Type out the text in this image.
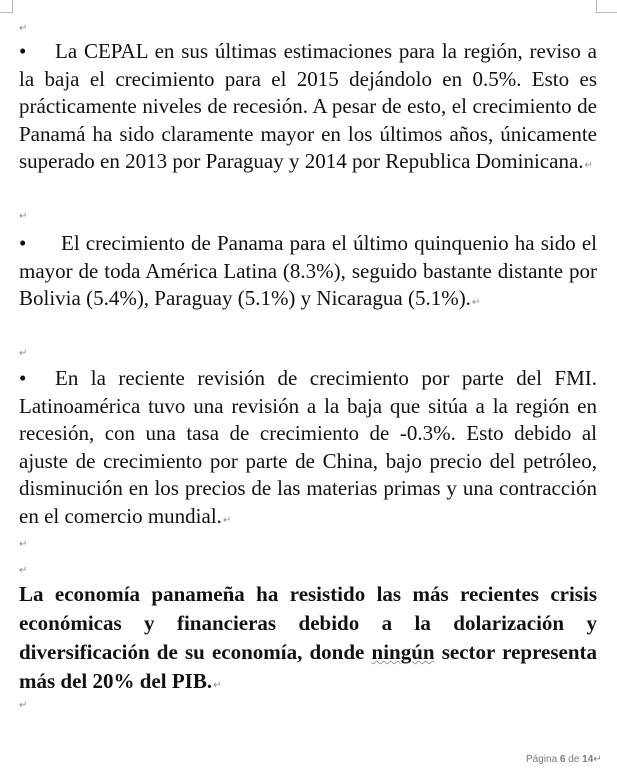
↵
• La CEPAL en sus últimas estimaciones para la región, reviso a la baja el crecimiento para el 2015 dejándolo en 0.5%. Esto es prácticamente niveles de recesión. A pesar de esto, el crecimiento de Panamá ha sido claramente mayor en los últimos años, únicamente superado en 2013 por Paraguay y 2014 por Republica Dominicana.↵
↵
• El crecimiento de Panama para el último quinquenio ha sido el mayor de toda América Latina (8.3%), seguido bastante distante por Bolivia (5.4%), Paraguay (5.1%) y Nicaragua (5.1%).↵
↵
• En la reciente revisión de crecimiento por parte del FMI. Latinoamérica tuvo una revisión a la baja que sitúa a la región en recesión, con una tasa de crecimiento de -0.3%. Esto debido al ajuste de crecimiento por parte de China, bajo precio del petróleo, disminución en los precios de las materias primas y una contracción en el comercio mundial.↵
↵
↵
La economía panameña ha resistido las más recientes crisis económicas y financieras debido a la dolarización y diversificación de su economía, donde ningún sector representa más del 20% del PIB.↵
↵
Página 6 de 14↵
